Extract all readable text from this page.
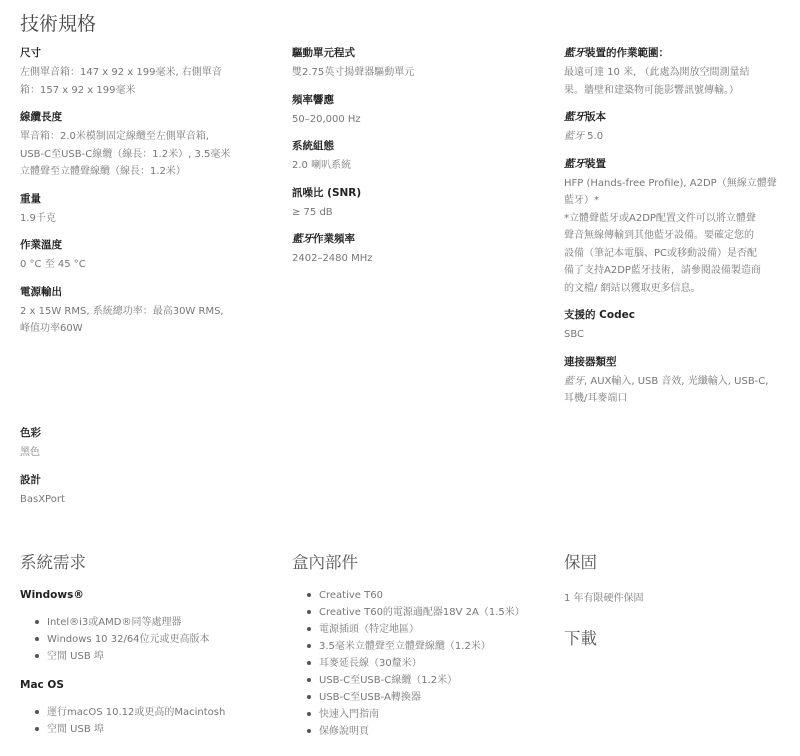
技術規格
尺寸
左側單音箱：147 x 92 x 199毫米, 右側單音
箱：157 x 92 x 199毫米
線纜長度
單音箱：2.0米模制固定線纜至左側單音箱,
USB-C至USB-C線纜（線長：1.2米）, 3.5毫米
立體聲至立體聲線纜（線長：1.2米）
重量
1.9千克
作業溫度
0 °C 至 45 °C
電源輸出
2 x 15W RMS, 系統總功率：最高30W RMS,
峰值功率60W
色彩
黑色
設計
BasXPort
驅動單元程式
雙2.75英寸揚聲器驅動單元
頻率響應
50–20,000 Hz
系統組態
2.0 喇叭系統
訊噪比 (SNR)
≥ 75 dB
藍牙作業頻率
2402–2480 MHz
藍牙裝置的作業範圍：
最遠可達 10 米, （此處為開放空間測量結
果。牆壁和建築物可能影響訊號傳輸。）
藍牙版本
藍牙 5.0
藍牙裝置
HFP (Hands-free Profile), A2DP（無線立體聲
藍牙）*
*立體聲藍牙或A2DP配置文件可以將立體聲
聲音無線傳輸到其他藍牙設備。要確定您的
設備（筆記本電腦、PC或移動設備）是否配
備了支持A2DP藍牙技術，請參閱設備製造商
的文檔/ 網站以獲取更多信息。
支援的 Codec
SBC
連接器類型
藍牙, AUX輸入, USB 音效, 光纖輸入, USB-C,
耳機/耳麥端口
系統需求
Windows®
Intel®i3或AMD®同等處理器
Windows 10 32/64位元或更高版本
空閒 USB 埠
Mac OS
運行macOS 10.12或更高的Macintosh
空閒 USB 埠
盒內部件
Creative T60
Creative T60的電源適配器18V 2A（1.5米）
電源插頭（特定地區）
3.5毫米立體聲至立體聲線纜（1.2米）
耳麥延長線（30釐米）
USB-C至USB-C線纜（1.2米）
USB-C至USB-A轉換器
快速入門指南
保修說明頁
保固
1 年有限硬件保固
下載
